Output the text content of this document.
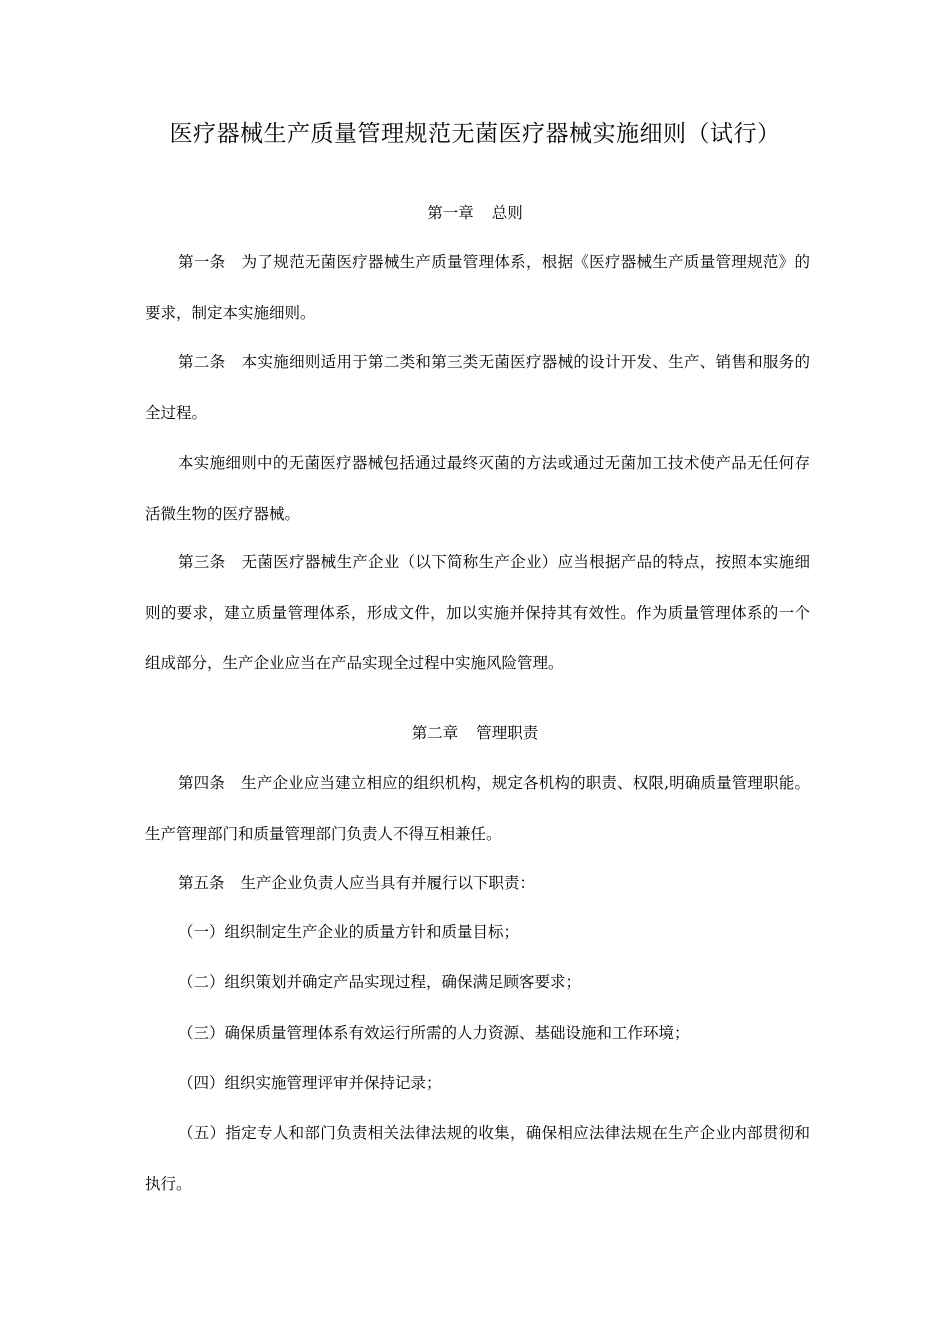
医疗器械生产质量管理规范无菌医疗器械实施细则（试行）
第一章 总则

第一条 为了规范无菌医疗器械生产质量管理体系，根据《医疗器械生产质量管理规范》的要求，制定本实施细则。

第二条 本实施细则适用于第二类和第三类无菌医疗器械的设计开发、生产、销售和服务的全过程。

本实施细则中的无菌医疗器械包括通过最终灭菌的方法或通过无菌加工技术使产品无任何存活微生物的医疗器械。

第三条 无菌医疗器械生产企业（以下简称生产企业）应当根据产品的特点，按照本实施细则的要求，建立质量管理体系，形成文件，加以实施并保持其有效性。作为质量管理体系的一个组成部分，生产企业应当在产品实现全过程中实施风险管理。

第二章 管理职责

第四条 生产企业应当建立相应的组织机构，规定各机构的职责、权限,明确质量管理职能。生产管理部门和质量管理部门负责人不得互相兼任。

第五条 生产企业负责人应当具有并履行以下职责：

（一）组织制定生产企业的质量方针和质量目标；

（二）组织策划并确定产品实现过程，确保满足顾客要求；

（三）确保质量管理体系有效运行所需的人力资源、基础设施和工作环境；

（四）组织实施管理评审并保持记录；

（五）指定专人和部门负责相关法律法规的收集，确保相应法律法规在生产企业内部贯彻和执行。
